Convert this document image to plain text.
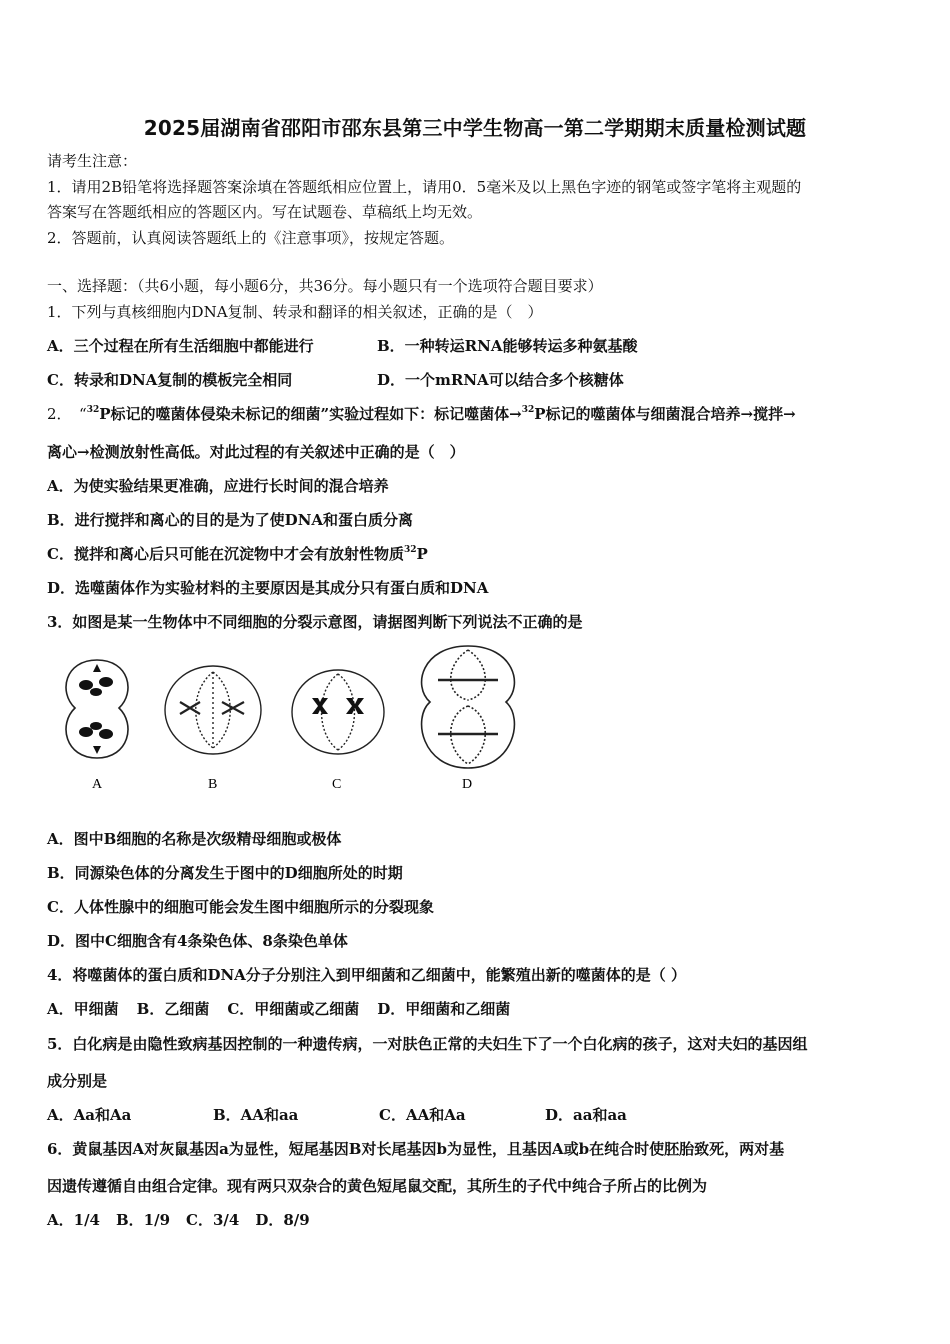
2025届湖南省邵阳市邵东县第三中学生物高一第二学期期末质量检测试题
请考生注意：
1．请用2B铅笔将选择题答案涂填在答题纸相应位置上，请用0．5毫米及以上黑色字迹的钢笔或签字笔将主观题的
答案写在答题纸相应的答题区内。写在试题卷、草稿纸上均无效。
2．答题前，认真阅读答题纸上的《注意事项》，按规定答题。
一、选择题：（共6小题，每小题6分，共36分。每小题只有一个选项符合题目要求）
1．下列与真核细胞内DNA复制、转录和翻译的相关叙述，正确的是（　）
A．三个过程在所有生活细胞中都能进行	B．一种转运RNA能够转运多种氨基酸
C．转录和DNA复制的模板完全相同	D．一个mRNA可以结合多个核糖体
2．　“$^{32}$P标记的噬菌体侵染未标记的细菌”实验过程如下：标记噬菌体→$^{32}$P标记的噬菌体与细菌混合培养→搅拌→
离心→检测放射性高低。对此过程的有关叙述中正确的是（　）
A．为使实验结果更准确，应进行长时间的混合培养
B．进行搅拌和离心的目的是为了使DNA和蛋白质分离
C．搅拌和离心后只可能在沉淀物中才会有放射性物质$^{32}$P
D．选噬菌体作为实验材料的主要原因是其成分只有蛋白质和DNA
3．如图是某一生物体中不同细胞的分裂示意图，请据图判断下列说法不正确的是
A	B	C	D
A．图中B细胞的名称是次级精母细胞或极体
B．同源染色体的分离发生于图中的D细胞所处的时期
C．人体性腺中的细胞可能会发生图中细胞所示的分裂现象
D．图中C细胞含有4条染色体、8条染色单体
4．将噬菌体的蛋白质和DNA分子分别注入到甲细菌和乙细菌中，能繁殖出新的噬菌体的是（ ）
A．甲细菌 B．乙细菌 C．甲细菌或乙细菌 D．甲细菌和乙细菌
5．白化病是由隐性致病基因控制的一种遗传病，一对肤色正常的夫妇生下了一个白化病的孩子，这对夫妇的基因组
成分别是
A．Aa和Aa	B．AA和aa	C．AA和Aa	D．aa和aa
6．黄鼠基因A对灰鼠基因a为显性，短尾基因B对长尾基因b为显性，且基因A或b在纯合时使胚胎致死，两对基
因遗传遵循自由组合定律。现有两只双杂合的黄色短尾鼠交配，其所生的子代中纯合子所占的比例为
A．1/4 B．1/9 C．3/4 D．8/9
